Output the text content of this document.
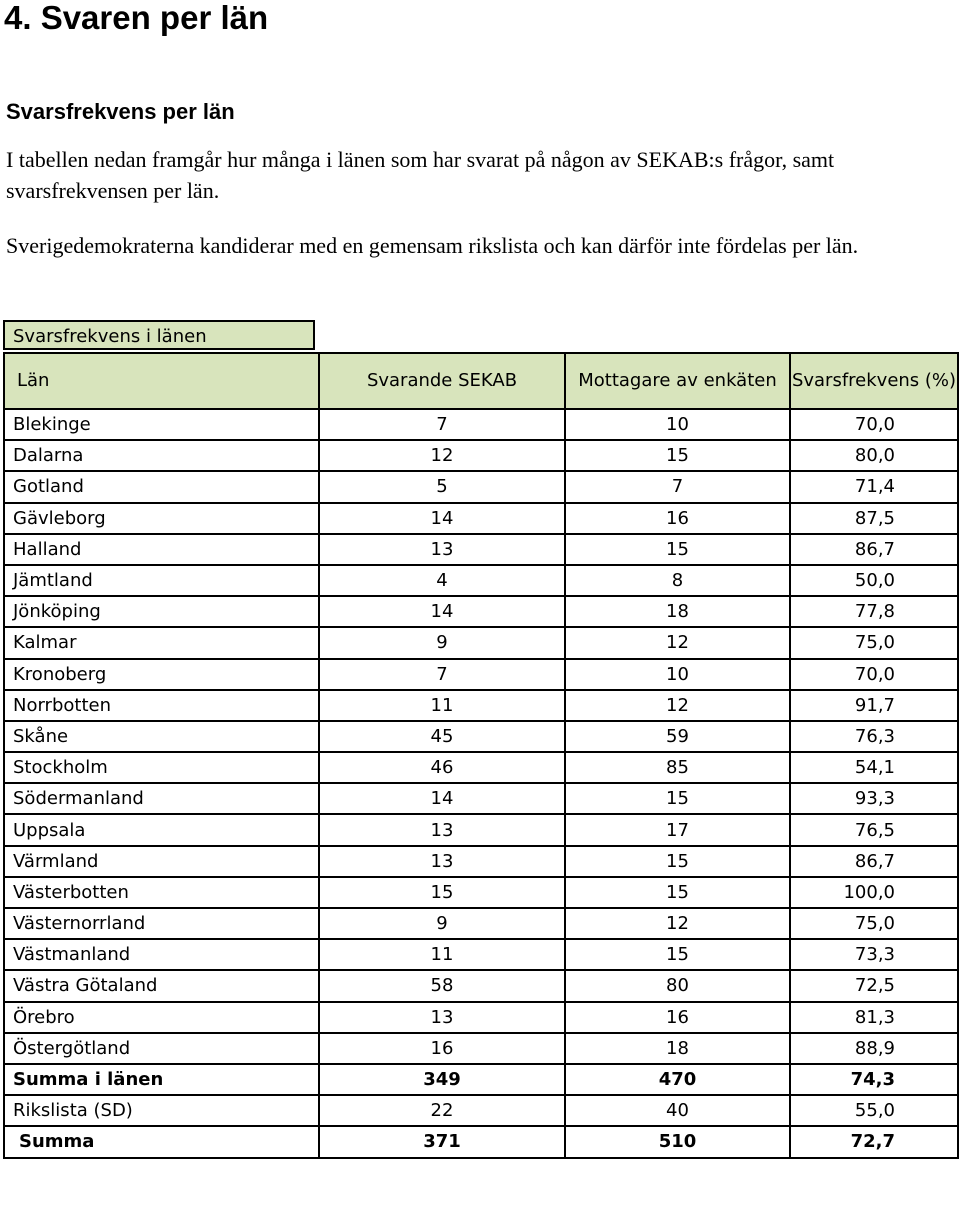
4. Svaren per län
Svarsfrekvens per län

I tabellen nedan framgår hur många i länen som har svarat på någon av SEKAB:s frågor, samt svarsfrekvensen per län.

Sverigedemokraterna kandiderar med en gemensam rikslista och kan därför inte fördelas per län.

Svarsfrekvens i länen
Län	Svarande SEKAB	Mottagare av enkäten	Svarsfrekvens (%)
Blekinge	7	10	70,0
Dalarna	12	15	80,0
Gotland	5	7	71,4
Gävleborg	14	16	87,5
Halland	13	15	86,7
Jämtland	4	8	50,0
Jönköping	14	18	77,8
Kalmar	9	12	75,0
Kronoberg	7	10	70,0
Norrbotten	11	12	91,7
Skåne	45	59	76,3
Stockholm	46	85	54,1
Södermanland	14	15	93,3
Uppsala	13	17	76,5
Värmland	13	15	86,7
Västerbotten	15	15	100,0
Västernorrland	9	12	75,0
Västmanland	11	15	73,3
Västra Götaland	58	80	72,5
Örebro	13	16	81,3
Östergötland	16	18	88,9
Summa i länen	349	470	74,3
Rikslista (SD)	22	40	55,0
Summa	371	510	72,7
